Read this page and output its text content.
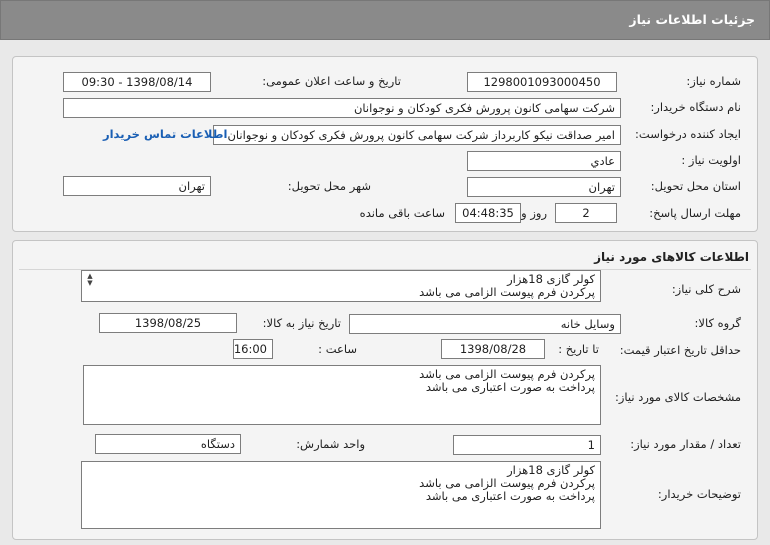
جزئیات اطلاعات نیاز
شماره نیاز:
1298001093000450
تاریخ و ساعت اعلان عمومی:
1398/08/14 - 09:30
نام دستگاه خریدار:
شرکت سهامی کانون پرورش فکری کودکان و نوجوانان
ایجاد کننده درخواست:
امیر صداقت نیکو کاربرداز شرکت سهامی کانون پرورش فکری کودکان و نوجوانان
اطلاعات تماس خریدار
اولویت نیاز :
عادي
استان محل تحویل:
تهران
شهر محل تحویل:
تهران
مهلت ارسال پاسخ:
2
روز و
04:48:35
ساعت باقی مانده
اطلاعات کالاهای مورد نیاز
شرح کلی نیاز:
کولر گازی 18هزار
پرکردن فرم پیوست الزامی می باشد
▲
▼
گروه کالا:
وسایل خانه
تاریخ نیاز به کالا:
1398/08/25
حداقل تاریخ اعتبار قیمت:
تا تاریخ :
1398/08/28
ساعت :
16:00
مشخصات کالای مورد نیاز:
پرکردن فرم پیوست الزامی می باشد
پرداخت به صورت اعتباری می باشد
تعداد / مقدار مورد نیاز:
1
واحد شمارش:
دستگاه
توضیحات خریدار:
کولر گازی 18هزار
پرکردن فرم پیوست الزامی می باشد
پرداخت به صورت اعتباری می باشد
